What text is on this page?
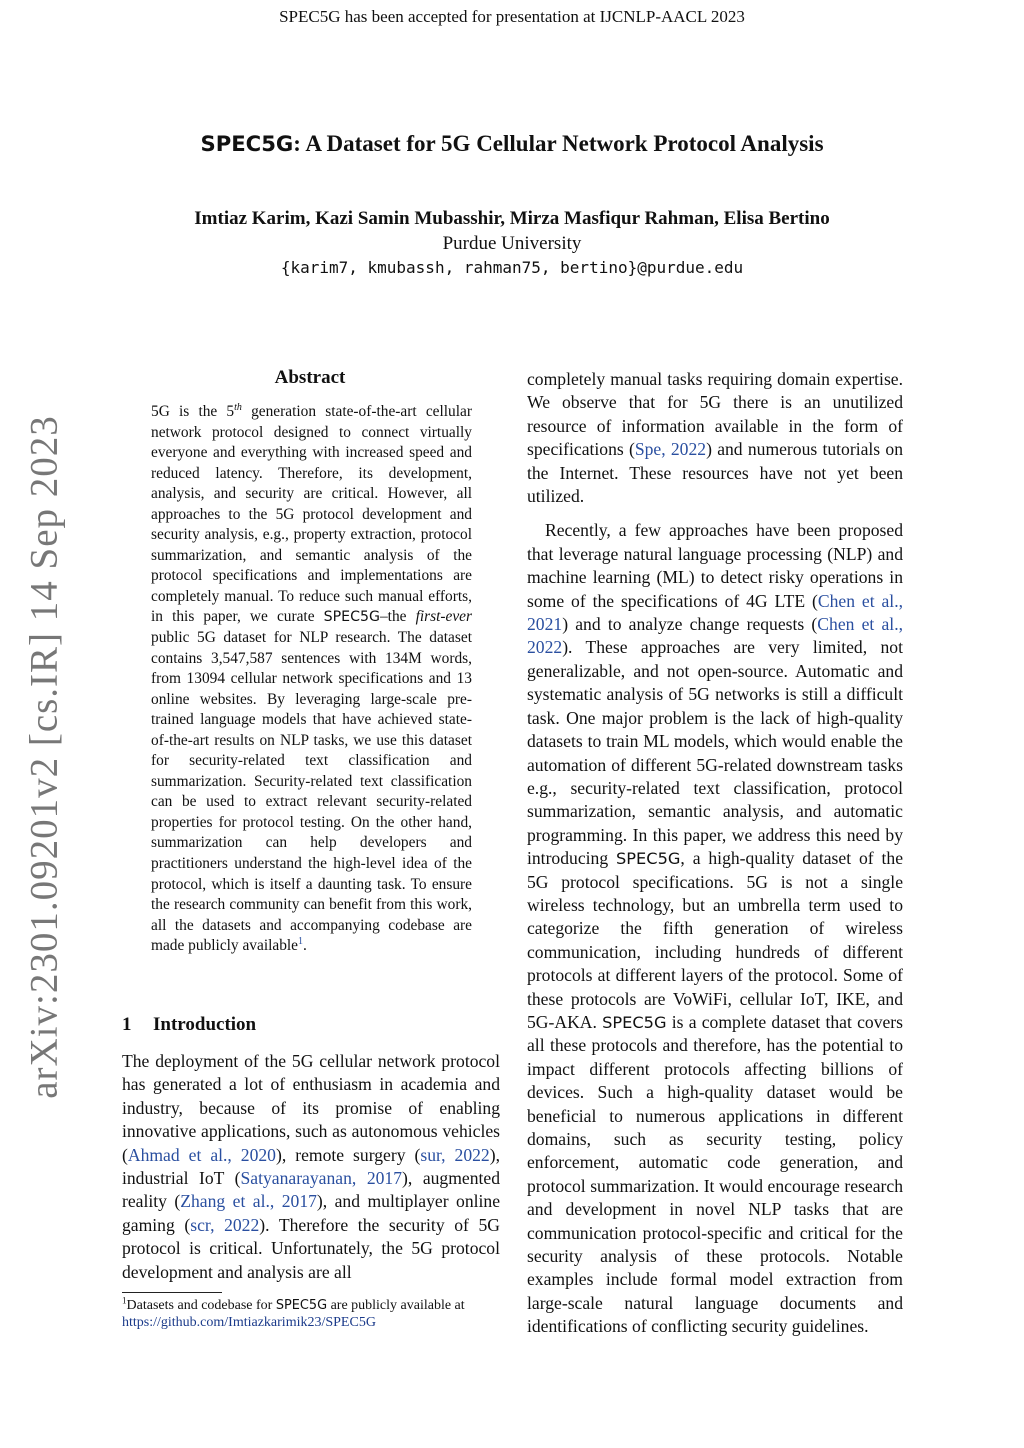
SPEC5G has been accepted for presentation at IJCNLP-AACL 2023
arXiv:2301.09201v2 [cs.IR] 14 Sep 2023
SPEC5G: A Dataset for 5G Cellular Network Protocol Analysis
Imtiaz Karim, Kazi Samin Mubasshir, Mirza Masfiqur Rahman, Elisa Bertino
Purdue University
{karim7, kmubassh, rahman75, bertino}@purdue.edu
Abstract

5G is the 5th generation state-of-the-art cellular network protocol designed to connect virtually everyone and everything with increased speed and reduced latency. Therefore, its development, analysis, and security are critical. However, all approaches to the 5G protocol development and security analysis, e.g., property extraction, protocol summarization, and semantic analysis of the protocol specifications and implementations are completely manual. To reduce such manual efforts, in this paper, we curate SPEC5G–the first-ever public 5G dataset for NLP research. The dataset contains 3,547,587 sentences with 134M words, from 13094 cellular network specifications and 13 online websites. By leveraging large-scale pre-trained language models that have achieved state-of-the-art results on NLP tasks, we use this dataset for security-related text classification and summarization. Security-related text classification can be used to extract relevant security-related properties for protocol testing. On the other hand, summarization can help developers and practitioners understand the high-level idea of the protocol, which is itself a daunting task. To ensure the research community can benefit from this work, all the datasets and accompanying codebase are made publicly available$^1$.

1 Introduction

The deployment of the 5G cellular network protocol has generated a lot of enthusiasm in academia and industry, because of its promise of enabling innovative applications, such as autonomous vehicles (Ahmad et al., 2020), remote surgery (sur, 2022), industrial IoT (Satyanarayanan, 2017), augmented reality (Zhang et al., 2017), and multiplayer online gaming (scr, 2022). Therefore the security of 5G protocol is critical. Unfortunately, the 5G protocol development and analysis are all

completely manual tasks requiring domain expertise. We observe that for 5G there is an unutilized resource of information available in the form of specifications (Spe, 2022) and numerous tutorials on the Internet. These resources have not yet been utilized.

Recently, a few approaches have been proposed that leverage natural language processing (NLP) and machine learning (ML) to detect risky operations in some of the specifications of 4G LTE (Chen et al., 2021) and to analyze change requests (Chen et al., 2022). These approaches are very limited, not generalizable, and not open-source. Automatic and systematic analysis of 5G networks is still a difficult task. One major problem is the lack of high-quality datasets to train ML models, which would enable the automation of different 5G-related downstream tasks e.g., security-related text classification, protocol summarization, semantic analysis, and automatic programming. In this paper, we address this need by introducing SPEC5G, a high-quality dataset of the 5G protocol specifications. 5G is not a single wireless technology, but an umbrella term used to categorize the fifth generation of wireless communication, including hundreds of different protocols at different layers of the protocol. Some of these protocols are VoWiFi, cellular IoT, IKE, and 5G-AKA. SPEC5G is a complete dataset that covers all these protocols and therefore, has the potential to impact different protocols affecting billions of devices. Such a high-quality dataset would be beneficial to numerous applications in different domains, such as security testing, policy enforcement, automatic code generation, and protocol summarization. It would encourage research and development in novel NLP tasks that are communication protocol-specific and critical for the security analysis of these protocols. Notable examples include formal model extraction from large-scale natural language documents and identifications of conflicting security guidelines.

$^1$Datasets and codebase for SPEC5G are publicly available at https://github.com/Imtiazkarimik23/SPEC5G
